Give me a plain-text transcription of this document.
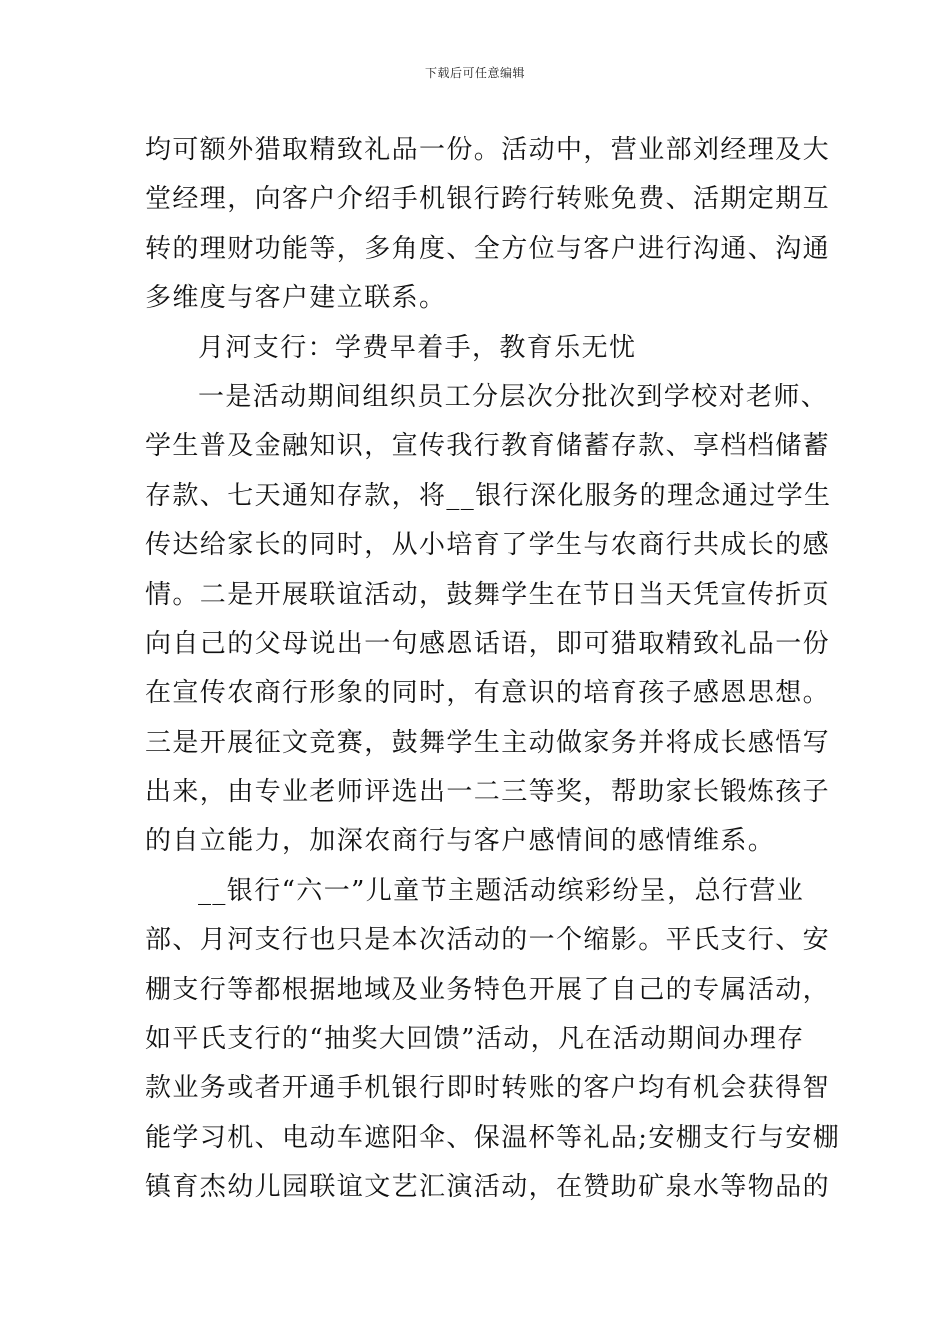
下载后可任意编辑
均可额外猎取精致礼品一份。活动中，营业部刘经理及大
堂经理，向客户介绍手机银行跨行转账免费、活期定期互
转的理财功能等，多角度、全方位与客户进行沟通、沟通
多维度与客户建立联系。
月河支行：学费早着手，教育乐无忧
一是活动期间组织员工分层次分批次到学校对老师、
学生普及金融知识，宣传我行教育储蓄存款、享档档储蓄
存款、七天通知存款，将__银行深化服务的理念通过学生
传达给家长的同时，从小培育了学生与农商行共成长的感
情。二是开展联谊活动，鼓舞学生在节日当天凭宣传折页
向自己的父母说出一句感恩话语，即可猎取精致礼品一份
在宣传农商行形象的同时，有意识的培育孩子感恩思想。
三是开展征文竞赛，鼓舞学生主动做家务并将成长感悟写
出来，由专业老师评选出一二三等奖，帮助家长锻炼孩子
的自立能力，加深农商行与客户感情间的感情维系。
__银行“六一”儿童节主题活动缤彩纷呈，总行营业
部、月河支行也只是本次活动的一个缩影。平氏支行、安
棚支行等都根据地域及业务特色开展了自己的专属活动，
如平氏支行的“抽奖大回馈”活动，凡在活动期间办理存
款业务或者开通手机银行即时转账的客户均有机会获得智
能学习机、电动车遮阳伞、保温杯等礼品;安棚支行与安棚
镇育杰幼儿园联谊文艺汇演活动，在赞助矿泉水等物品的
